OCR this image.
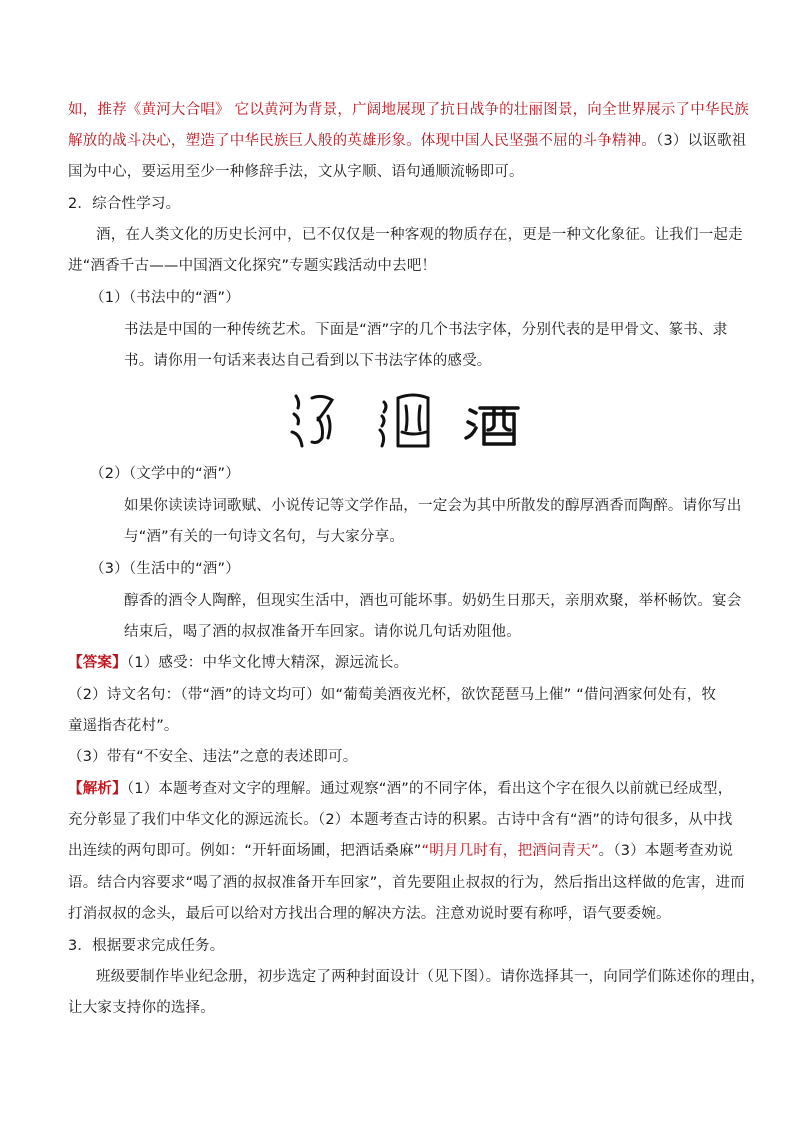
如，推荐《黄河大合唱》 它以黄河为背景，广阔地展现了抗日战争的壮丽图景，向全世界展示了中华民族
解放的战斗决心，塑造了中华民族巨人般的英雄形象。体现中国人民坚强不屈的斗争精神。（3）以讴歌祖
国为中心，要运用至少一种修辞手法，文从字顺、语句通顺流畅即可。
2．综合性学习。
酒，在人类文化的历史长河中，已不仅仅是一种客观的物质存在，更是一种文化象征。让我们一起走
进“酒香千古——中国酒文化探究”专题实践活动中去吧！
（1）（书法中的“酒”）
书法是中国的一种传统艺术。下面是“酒”字的几个书法字体，分别代表的是甲骨文、篆书、隶
书。请你用一句话来表达自己看到以下书法字体的感受。
（2）（文学中的“酒”）
如果你读读诗词歌赋、小说传记等文学作品，一定会为其中所散发的醇厚酒香而陶醉。请你写出
与“酒”有关的一句诗文名句，与大家分享。
（3）（生活中的“酒”）
醇香的酒令人陶醉，但现实生活中，酒也可能坏事。奶奶生日那天，亲朋欢聚，举杯畅饮。宴会
结束后，喝了酒的叔叔准备开车回家。请你说几句话劝阻他。
【答案】（1）感受：中华文化博大精深，源远流长。
（2）诗文名句：（带“酒”的诗文均可）如“葡萄美酒夜光杯，欲饮琵琶马上催” “借问酒家何处有，牧
童遥指杏花村”。
（3）带有“不安全、违法”之意的表述即可。
【解析】（1）本题考查对文字的理解。通过观察“酒”的不同字体，看出这个字在很久以前就已经成型，
充分彰显了我们中华文化的源远流长。（2）本题考查古诗的积累。古诗中含有“酒”的诗句很多，从中找
出连续的两句即可。例如：“开轩面场圃，把酒话桑麻”“明月几时有，把酒问青天”。（3）本题考查劝说
语。结合内容要求“喝了酒的叔叔准备开车回家”，首先要阻止叔叔的行为，然后指出这样做的危害，进而
打消叔叔的念头，最后可以给对方找出合理的解决方法。注意劝说时要有称呼，语气要委婉。
3．根据要求完成任务。
班级要制作毕业纪念册，初步选定了两种封面设计（见下图）。请你选择其一，向同学们陈述你的理由，
让大家支持你的选择。
